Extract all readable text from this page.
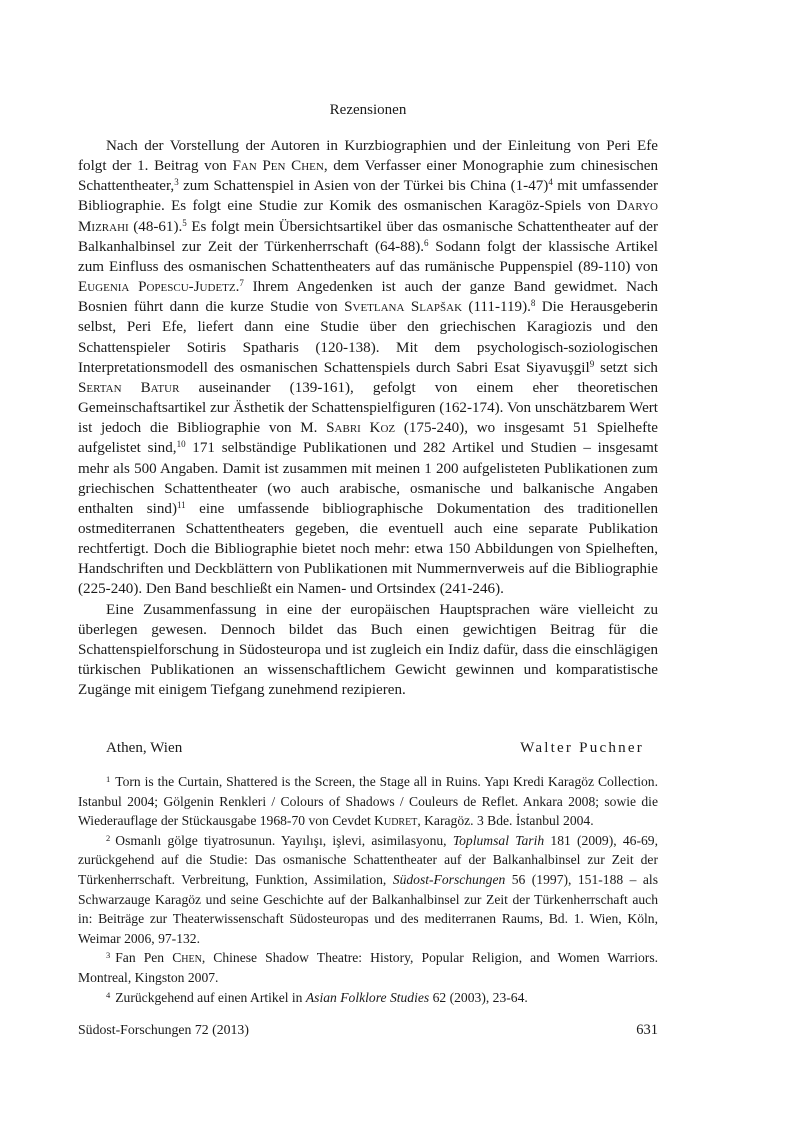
Rezensionen

Nach der Vorstellung der Autoren in Kurzbiographien und der Einleitung von Peri Efe folgt der 1. Beitrag von Fan Pen Chen, dem Verfasser einer Monographie zum chinesischen Schattentheater,$^3$ zum Schattenspiel in Asien von der Türkei bis China $(1-47)^4$ mit umfassender Bibliographie. Es folgt eine Studie zur Komik des osmanischen Karagöz-Spiels von Daryo Mizrahi (48-61).$^5$ Es folgt mein Übersichtsartikel über das osmanische Schattentheater auf der Balkanhalbinsel zur Zeit der Türkenherrschaft (64-88).$^6$ Sodann folgt der klassische Artikel zum Einfluss des osmanischen Schattentheaters auf das rumänische Puppenspiel (89-110) von Eugenia Popescu-Judetz.$^7$ Ihrem Angedenken ist auch der ganze Band gewidmet. Nach Bosnien führt dann die kurze Studie von Svetlana Slapšak (111-119).$^8$ Die Herausgeberin selbst, Peri Efe, liefert dann eine Studie über den griechischen Karagiozis und den Schattenspieler Sotiris Spatharis (120-138). Mit dem psychologisch-soziologischen Interpretationsmodell des osmanischen Schattenspiels durch Sabri Esat Siyavuşgil$^9$ setzt sich Sertan Batur auseinander (139-161), gefolgt von einem eher theoretischen Gemeinschaftsartikel zur Ästhetik der Schattenspielfiguren (162-174). Von unschätzbarem Wert ist jedoch die Bibliographie von M. Sabri Koz (175-240), wo insgesamt 51 Spielhefte aufgelistet sind,$^{10}$ 171 selbständige Publikationen und 282 Artikel und Studien – insgesamt mehr als 500 Angaben. Damit ist zusammen mit meinen 1 200 aufgelisteten Publikationen zum griechischen Schattentheater (wo auch arabische, osmanische und balkanische Angaben enthalten sind)$^{11}$ eine umfassende bibliographische Dokumentation des traditionellen ostmediterranen Schattentheaters gegeben, die eventuell auch eine separate Publikation rechtfertigt. Doch die Bibliographie bietet noch mehr: etwa 150 Abbildungen von Spielheften, Handschriften und Deckblättern von Publikationen mit Nummernverweis auf die Bibliographie (225-240). Den Band beschließt ein Namen- und Ortsindex (241-246).

Eine Zusammenfassung in eine der europäischen Hauptsprachen wäre vielleicht zu überlegen gewesen. Dennoch bildet das Buch einen gewichtigen Beitrag für die Schattenspielforschung in Südosteuropa und ist zugleich ein Indiz dafür, dass die einschlägigen türkischen Publikationen an wissenschaftlichem Gewicht gewinnen und komparatistische Zugänge mit einigem Tiefgang zunehmend rezipieren.

Athen, Wien	Walter Puchner

$^1$ Torn is the Curtain, Shattered is the Screen, the Stage all in Ruins. Yapı Kredi Karagöz Collection. Istanbul 2004; Gölgenin Renkleri / Colours of Shadows / Couleurs de Reflet. Ankara 2008; sowie die Wiederauflage der Stückausgabe 1968-70 von Cevdet Kudret, Karagöz. 3 Bde. İstanbul 2004.

$^2$ Osmanlı gölge tiyatrosunun. Yayılışı, işlevi, asimilasyonu, Toplumsal Tarih 181 (2009), 46-69, zurückgehend auf die Studie: Das osmanische Schattentheater auf der Balkanhalbinsel zur Zeit der Türkenherrschaft. Verbreitung, Funktion, Assimilation, Südost-Forschungen 56 (1997), 151-188 – als Schwarzauge Karagöz und seine Geschichte auf der Balkanhalbinsel zur Zeit der Türkenherrschaft auch in: Beiträge zur Theaterwissenschaft Südosteuropas und des mediterranen Raums, Bd. 1. Wien, Köln, Weimar 2006, 97-132.

$^3$ Fan Pen Chen, Chinese Shadow Theatre: History, Popular Religion, and Women Warriors. Montreal, Kingston 2007.

$^4$ Zurückgehend auf einen Artikel in Asian Folklore Studies 62 (2003), 23-64.

Südost-Forschungen 72 (2013)	631
